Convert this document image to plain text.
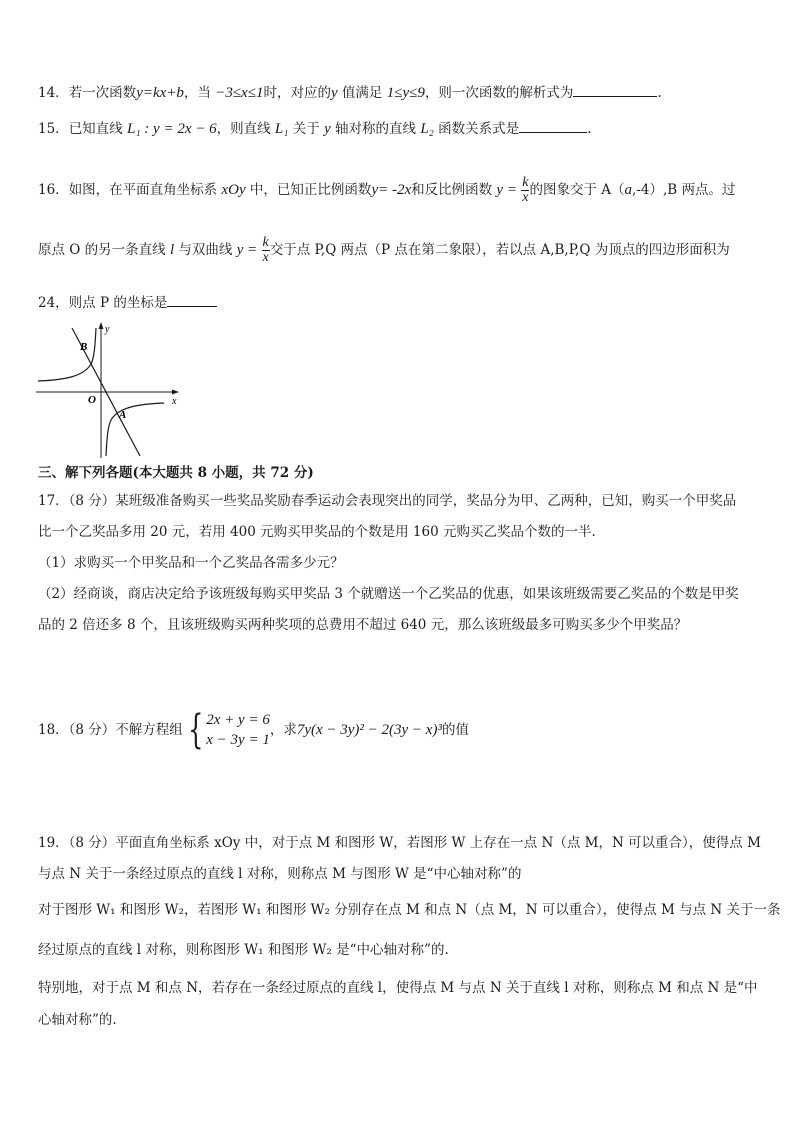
14．若一次函数y=kx+b，当 −3≤x≤1时，对应的y 值满足 1≤y≤9，则一次函数的解析式为	.
15．已知直线 L₁ : y = 2x − 6，则直线 L₁ 关于 y 轴对称的直线 L₂ 函数关系式是	.
16．如图，在平面直角坐标系 xOy 中，已知正比例函数y= -2x和反比例函数 $y = \frac{k}{x}$ 的图象交于 A（a,-4）,B 两点。过
原点 O 的另一条直线 l 与双曲线 $y = \frac{k}{x}$ 交于点 P,Q 两点（P 点在第二象限），若以点 A,B,P,Q 为顶点的四边形面积为
24，则点 P 的坐标是
y
x
O
A
B
三、解下列各题(本大题共 8 小题，共 72 分)
17．（8 分）某班级准备购买一些奖品奖励春季运动会表现突出的同学，奖品分为甲、乙两种，已知，购买一个甲奖品
比一个乙奖品多用 20 元，若用 400 元购买甲奖品的个数是用 160 元购买乙奖品个数的一半.
（1）求购买一个甲奖品和一个乙奖品各需多少元？
（2）经商谈，商店决定给予该班级每购买甲奖品 3 个就赠送一个乙奖品的优惠，如果该班级需要乙奖品的个数是甲奖
品的 2 倍还多 8 个，且该班级购买两种奖项的总费用不超过 640 元，那么该班级最多可购买多少个甲奖品？
18．（8 分）不解方程组 { 2x + y = 6
x − 3y = 1
，求 7y(x − 3y)² − 2(3y − x)³ 的值
19．（8 分）平面直角坐标系 xOy 中，对于点 M 和图形 W，若图形 W 上存在一点 N（点 M，N 可以重合），使得点 M
与点 N 关于一条经过原点的直线 l 对称，则称点 M 与图形 W 是“中心轴对称”的
对于图形 W₁ 和图形 W₂，若图形 W₁ 和图形 W₂ 分别存在点 M 和点 N（点 M，N 可以重合），使得点 M 与点 N 关于一条
经过原点的直线 l 对称，则称图形 W₁ 和图形 W₂ 是“中心轴对称”的.
特别地，对于点 M 和点 N，若存在一条经过原点的直线 l，使得点 M 与点 N 关于直线 l 对称，则称点 M 和点 N 是“中
心轴对称”的.
